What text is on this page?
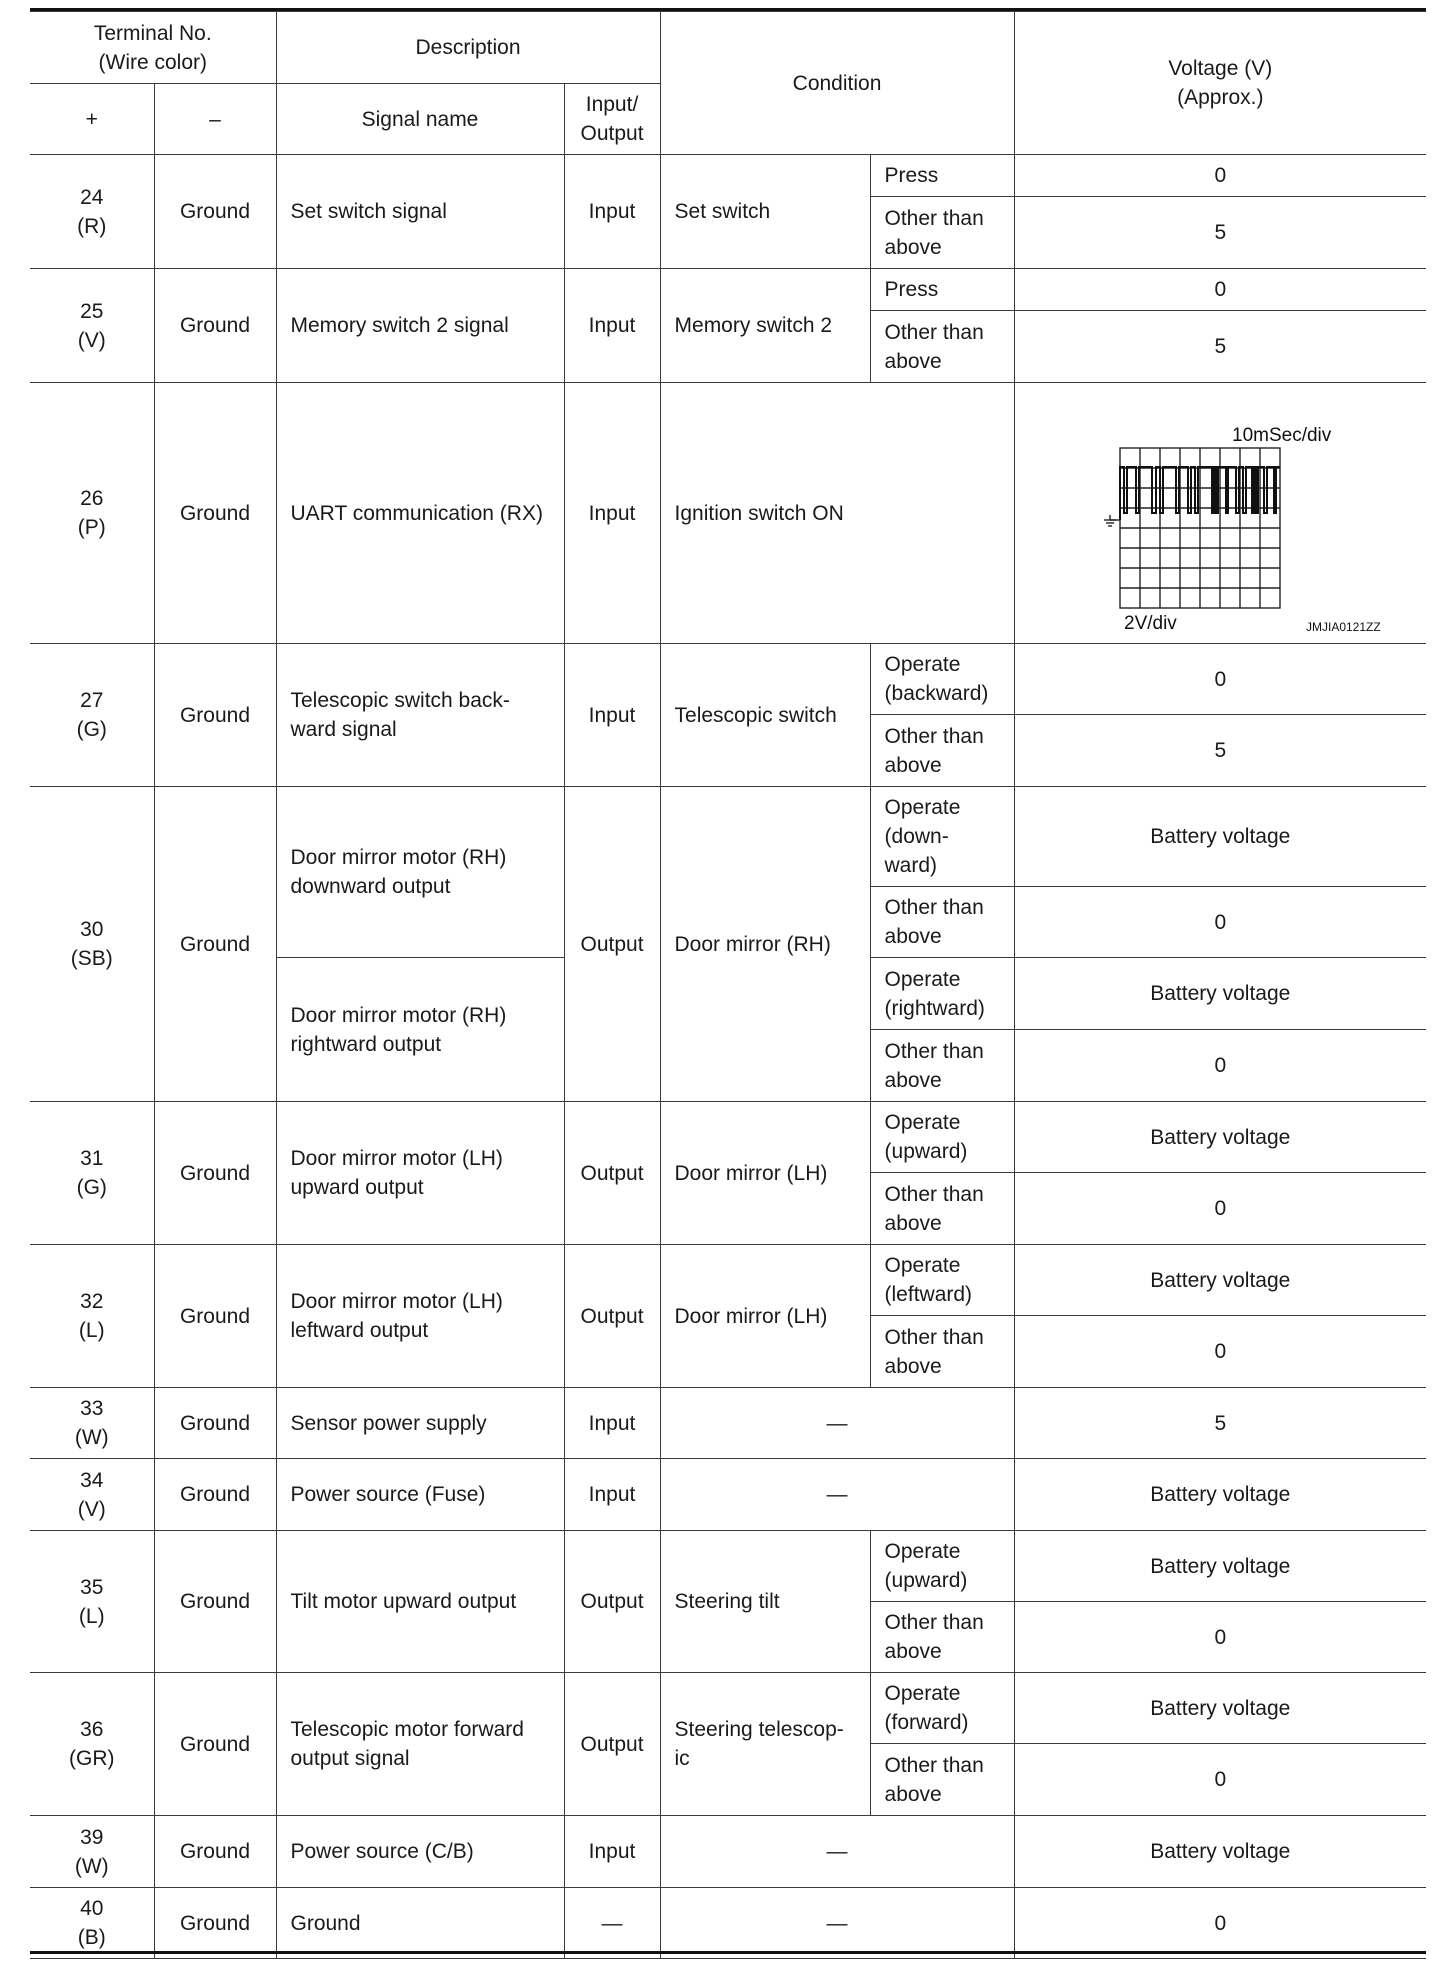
Terminal No.
(Wire color)		Description		Condition		Voltage (V)
(Approx.)
+	–	Signal name	Input/
Output			
24
(R)	Ground	Set switch signal	Input	Set switch	Press	0
					Other than above	5
25
(V)	Ground	Memory switch 2 signal	Input	Memory switch 2	Press	0
					Other than above	5
26
(P)	Ground	UART communication (RX)	Input	Ignition switch ON		10mSec/div
2V/div JMJIA0121ZZ

27
(G)	Ground	Telescopic switch back-ward signal	Input	Telescopic switch	Operate (backward)	0
					Other than above	5
30
(SB)	Ground	Door mirror motor (RH) downward output	Output	Door mirror (RH)	Operate (down-ward)	Battery voltage
					Other than above	0
		Door mirror motor (RH) rightward output			Operate (rightward)	Battery voltage
					Other than above	0
31
(G)	Ground	Door mirror motor (LH) upward output	Output	Door mirror (LH)	Operate (upward)	Battery voltage
					Other than above	0
32
(L)	Ground	Door mirror motor (LH) leftward output	Output	Door mirror (LH)	Operate (leftward)	Battery voltage
					Other than above	0
33
(W)	Ground	Sensor power supply	Input	—		5
34
(V)	Ground	Power source (Fuse)	Input	—		Battery voltage
35
(L)	Ground	Tilt motor upward output	Output	Steering tilt	Operate (upward)	Battery voltage
					Other than above	0
36
(GR)	Ground	Telescopic motor forward output signal	Output	Steering telescop-ic	Operate (forward)	Battery voltage
					Other than above	0
39
(W)	Ground	Power source (C/B)	Input	—		Battery voltage
40
(B)	Ground	Ground	—	—		0
